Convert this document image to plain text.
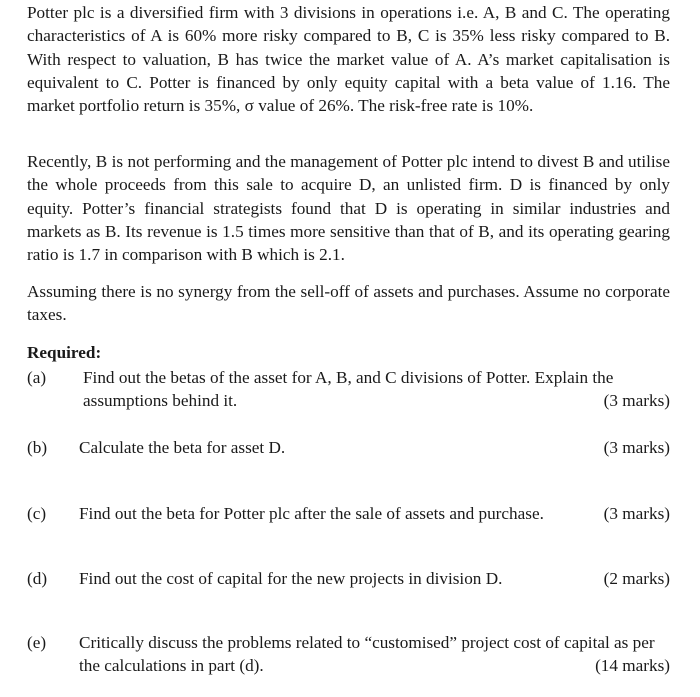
Potter plc is a diversified firm with 3 divisions in operations i.e. A, B and C. The operating characteristics of A is 60% more risky compared to B, C is 35% less risky compared to B. With respect to valuation, B has twice the market value of A. A’s market capitalisation is equivalent to C. Potter is financed by only equity capital with a beta value of 1.16. The market portfolio return is 35%, σ value of 26%. The risk-free rate is 10%.

Recently, B is not performing and the management of Potter plc intend to divest B and utilise the whole proceeds from this sale to acquire D, an unlisted firm. D is financed by only equity. Potter’s financial strategists found that D is operating in similar industries and markets as B. Its revenue is 1.5 times more sensitive than that of B, and its operating gearing ratio is 1.7 in comparison with B which is 2.1.

Assuming there is no synergy from the sell-off of assets and purchases. Assume no corporate taxes.

Required:

(a) Find out the betas of the asset for A, B, and C divisions of Potter. Explain the assumptions behind it.	(3 marks)
(b) Calculate the beta for asset D.	(3 marks)
(c) Find out the beta for Potter plc after the sale of assets and purchase.	(3 marks)
(d) Find out the cost of capital for the new projects in division D.	(2 marks)
(e) Critically discuss the problems related to “customised” project cost of capital as per the calculations in part (d).	(14 marks)
